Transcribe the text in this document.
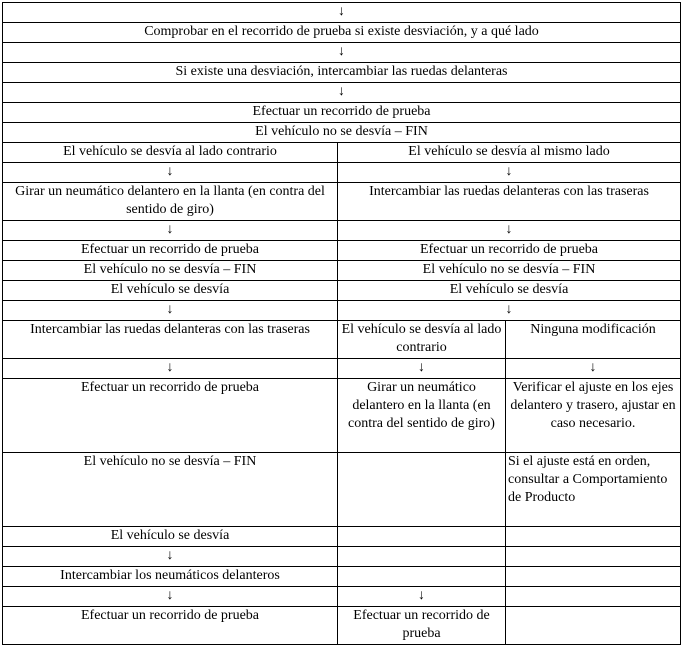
↓		
Comprobar en el recorrido de prueba si existe desviación, y a qué lado		
↓		
Si existe una desviación, intercambiar las ruedas delanteras		
↓		
Efectuar un recorrido de prueba		
El vehículo no se desvía – FIN		
El vehículo se desvía al lado contrario	El vehículo se desvía al mismo lado	
↓	↓	
Girar un neumático delantero en la llanta (en contra del sentido de giro)	Intercambiar las ruedas delanteras con las traseras	
↓	↓	
Efectuar un recorrido de prueba	Efectuar un recorrido de prueba	
El vehículo no se desvía – FIN	El vehículo no se desvía – FIN	
El vehículo se desvía	El vehículo se desvía	
↓	↓	
Intercambiar las ruedas delanteras con las traseras	El vehículo se desvía al lado contrario	Ninguna modificación
↓	↓	↓
Efectuar un recorrido de prueba	Girar un neumático delantero en la llanta (en contra del sentido de giro)	Verificar el ajuste en los ejes delantero y trasero, ajustar en caso necesario.
El vehículo no se desvía – FIN		Si el ajuste está en orden, consultar a Comportamiento de Producto
El vehículo se desvía		
↓		
Intercambiar los neumáticos delanteros		
↓	↓	
Efectuar un recorrido de prueba	Efectuar un recorrido de prueba	
